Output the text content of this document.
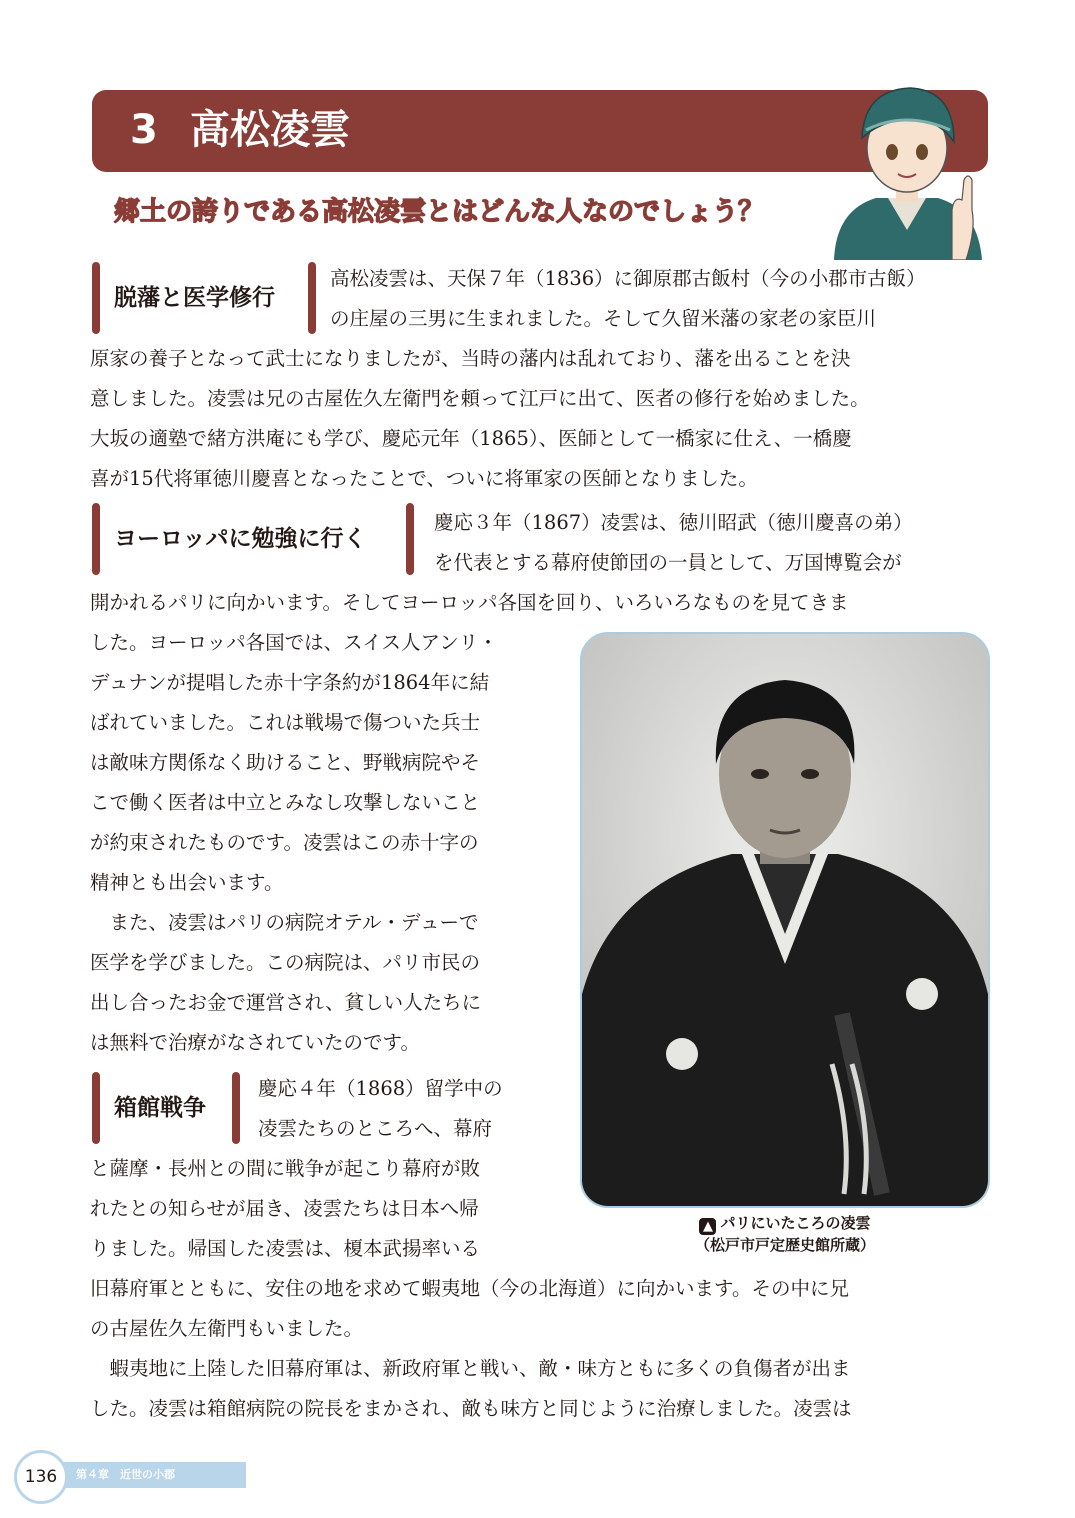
3 高松凌雲
郷土の誇りである高松凌雲とはどんな人なのでしょう？
脱藩と医学修行

高松凌雲は、天保７年（1836）に御原郡古飯村（今の小郡市古飯）

の庄屋の三男に生まれました。そして久留米藩の家老の家臣川

原家の養子となって武士になりましたが、当時の藩内は乱れており、藩を出ることを決

意しました。凌雲は兄の古屋佐久左衛門を頼って江戸に出て、医者の修行を始めました。

大坂の適塾で緒方洪庵にも学び、慶応元年（1865）、医師として一橋家に仕え、一橋慶

喜が15代将軍徳川慶喜となったことで、ついに将軍家の医師となりました。

ヨーロッパに勉強に行く

慶応３年（1867）凌雲は、徳川昭武（徳川慶喜の弟）

を代表とする幕府使節団の一員として、万国博覧会が

開かれるパリに向かいます。そしてヨーロッパ各国を回り、いろいろなものを見てきま

した。ヨーロッパ各国では、スイス人アンリ・

デュナンが提唱した赤十字条約が1864年に結

ばれていました。これは戦場で傷ついた兵士

は敵味方関係なく助けること、野戦病院やそ

こで働く医者は中立とみなし攻撃しないこと

が約束されたものです。凌雲はこの赤十字の

精神とも出会います。

　また、凌雲はパリの病院オテル・デューで

医学を学びました。この病院は、パリ市民の

出し合ったお金で運営され、貧しい人たちに

は無料で治療がなされていたのです。

▲ パリにいたころの凌雲
（松戸市戸定歴史館所蔵）
箱館戦争

慶応４年（1868）留学中の

凌雲たちのところへ、幕府

と薩摩・長州との間に戦争が起こり幕府が敗

れたとの知らせが届き、凌雲たちは日本へ帰

りました。帰国した凌雲は、榎本武揚率いる

旧幕府軍とともに、安住の地を求めて蝦夷地（今の北海道）に向かいます。その中に兄

の古屋佐久左衛門もいました。

　蝦夷地に上陸した旧幕府軍は、新政府軍と戦い、敵・味方ともに多くの負傷者が出ま

した。凌雲は箱館病院の院長をまかされ、敵も味方と同じように治療しました。凌雲は

136	第４章　近世の小郡
